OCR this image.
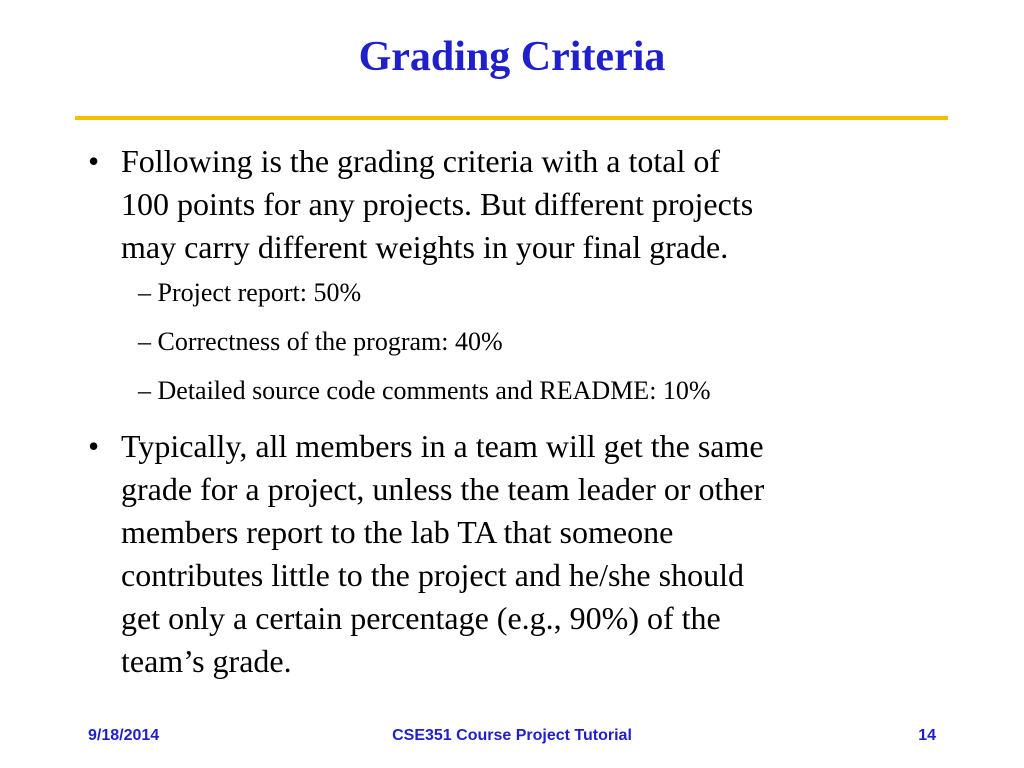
Grading Criteria
• Following is the grading criteria with a total of
100 points for any projects. But different projects
may carry different weights in your final grade.
– Project report: 50%
– Correctness of the program: 40%
– Detailed source code comments and README: 10%
• Typically, all members in a team will get the same
grade for a project, unless the team leader or other
members report to the lab TA that someone
contributes little to the project and he/she should
get only a certain percentage (e.g., 90%) of the
team’s grade.
9/18/2014	CSE351 Course Project Tutorial	14
